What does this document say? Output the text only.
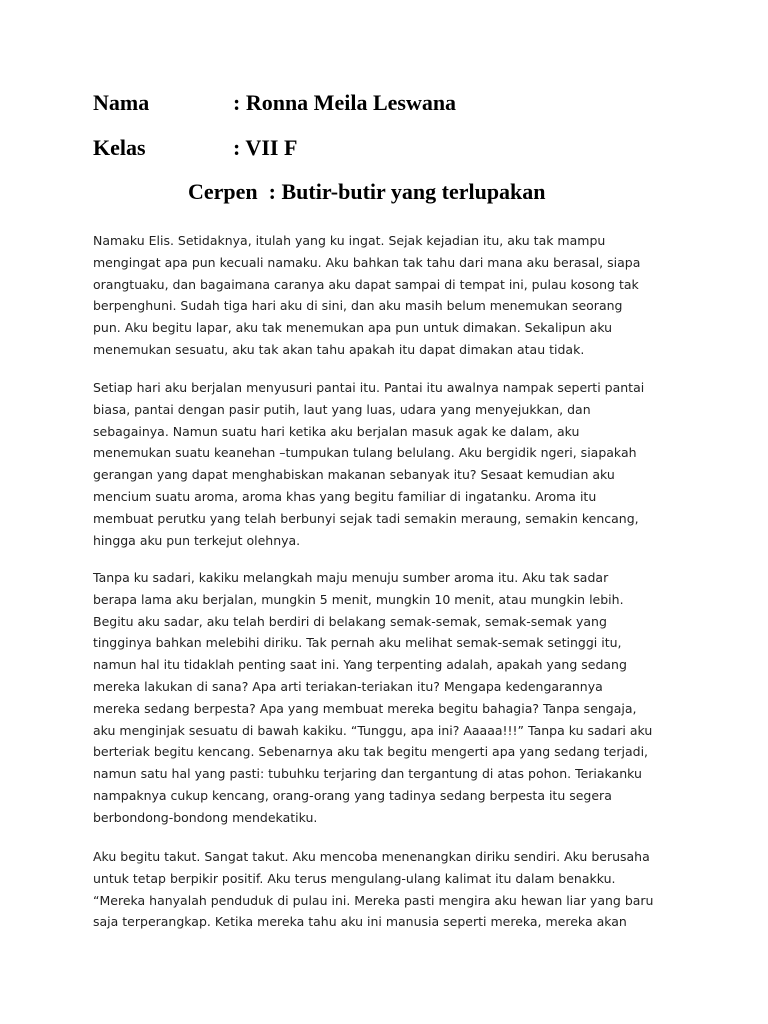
Nama	: Ronna Meila Leswana
Kelas	: VII F
Cerpen  : Butir-butir yang terlupakan
Namaku Elis. Setidaknya, itulah yang ku ingat. Sejak kejadian itu, aku tak mampu
mengingat apa pun kecuali namaku. Aku bahkan tak tahu dari mana aku berasal, siapa
orangtuaku, dan bagaimana caranya aku dapat sampai di tempat ini, pulau kosong tak
berpenghuni. Sudah tiga hari aku di sini, dan aku masih belum menemukan seorang
pun. Aku begitu lapar, aku tak menemukan apa pun untuk dimakan. Sekalipun aku
menemukan sesuatu, aku tak akan tahu apakah itu dapat dimakan atau tidak.
Setiap hari aku berjalan menyusuri pantai itu. Pantai itu awalnya nampak seperti pantai
biasa, pantai dengan pasir putih, laut yang luas, udara yang menyejukkan, dan
sebagainya. Namun suatu hari ketika aku berjalan masuk agak ke dalam, aku
menemukan suatu keanehan –tumpukan tulang belulang. Aku bergidik ngeri, siapakah
gerangan yang dapat menghabiskan makanan sebanyak itu? Sesaat kemudian aku
mencium suatu aroma, aroma khas yang begitu familiar di ingatanku. Aroma itu
membuat perutku yang telah berbunyi sejak tadi semakin meraung, semakin kencang,
hingga aku pun terkejut olehnya.
Tanpa ku sadari, kakiku melangkah maju menuju sumber aroma itu. Aku tak sadar
berapa lama aku berjalan, mungkin 5 menit, mungkin 10 menit, atau mungkin lebih.
Begitu aku sadar, aku telah berdiri di belakang semak-semak, semak-semak yang
tingginya bahkan melebihi diriku. Tak pernah aku melihat semak-semak setinggi itu,
namun hal itu tidaklah penting saat ini. Yang terpenting adalah, apakah yang sedang
mereka lakukan di sana? Apa arti teriakan-teriakan itu? Mengapa kedengarannya
mereka sedang berpesta? Apa yang membuat mereka begitu bahagia? Tanpa sengaja,
aku menginjak sesuatu di bawah kakiku. “Tunggu, apa ini? Aaaaa!!!” Tanpa ku sadari aku
berteriak begitu kencang. Sebenarnya aku tak begitu mengerti apa yang sedang terjadi,
namun satu hal yang pasti: tubuhku terjaring dan tergantung di atas pohon. Teriakanku
nampaknya cukup kencang, orang-orang yang tadinya sedang berpesta itu segera
berbondong-bondong mendekatiku.
Aku begitu takut. Sangat takut. Aku mencoba menenangkan diriku sendiri. Aku berusaha
untuk tetap berpikir positif. Aku terus mengulang-ulang kalimat itu dalam benakku.
“Mereka hanyalah penduduk di pulau ini. Mereka pasti mengira aku hewan liar yang baru
saja terperangkap. Ketika mereka tahu aku ini manusia seperti mereka, mereka akan
